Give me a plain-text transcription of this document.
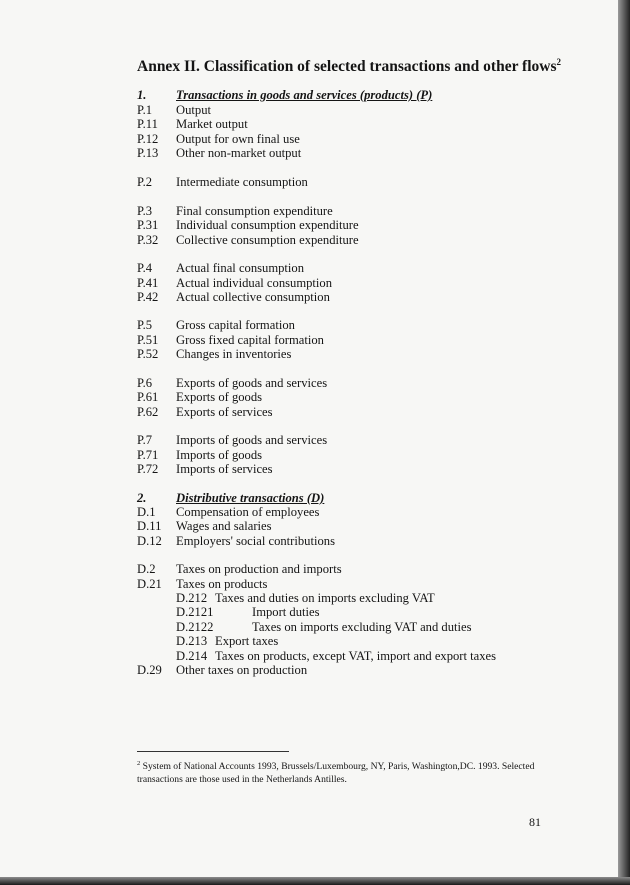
Annex II. Classification of selected transactions and other flows$^2$
1. Transactions in goods and services (products) (P)
P.1 Output
P.11 Market output
P.12 Output for own final use
P.13 Other non-market output
P.2 Intermediate consumption
P.3 Final consumption expenditure
P.31 Individual consumption expenditure
P.32 Collective consumption expenditure
P.4 Actual final consumption
P.41 Actual individual consumption
P.42 Actual collective consumption
P.5 Gross capital formation
P.51 Gross fixed capital formation
P.52 Changes in inventories
P.6 Exports of goods and services
P.61 Exports of goods
P.62 Exports of services
P.7 Imports of goods and services
P.71 Imports of goods
P.72 Imports of services
2. Distributive transactions (D)
D.1 Compensation of employees
D.11 Wages and salaries
D.12 Employers' social contributions
D.2 Taxes on production and imports
D.21 Taxes on products
D.212 Taxes and duties on imports excluding VAT
D.2121	Import duties
D.2122	Taxes on imports excluding VAT and duties
D.213 Export taxes
D.214 Taxes on products, except VAT, import and export taxes
D.29 Other taxes on production
$^2$ System of National Accounts 1993, Brussels/Luxembourg, NY, Paris, Washington,DC. 1993. Selected transactions are those used in the Netherlands Antilles.
81
